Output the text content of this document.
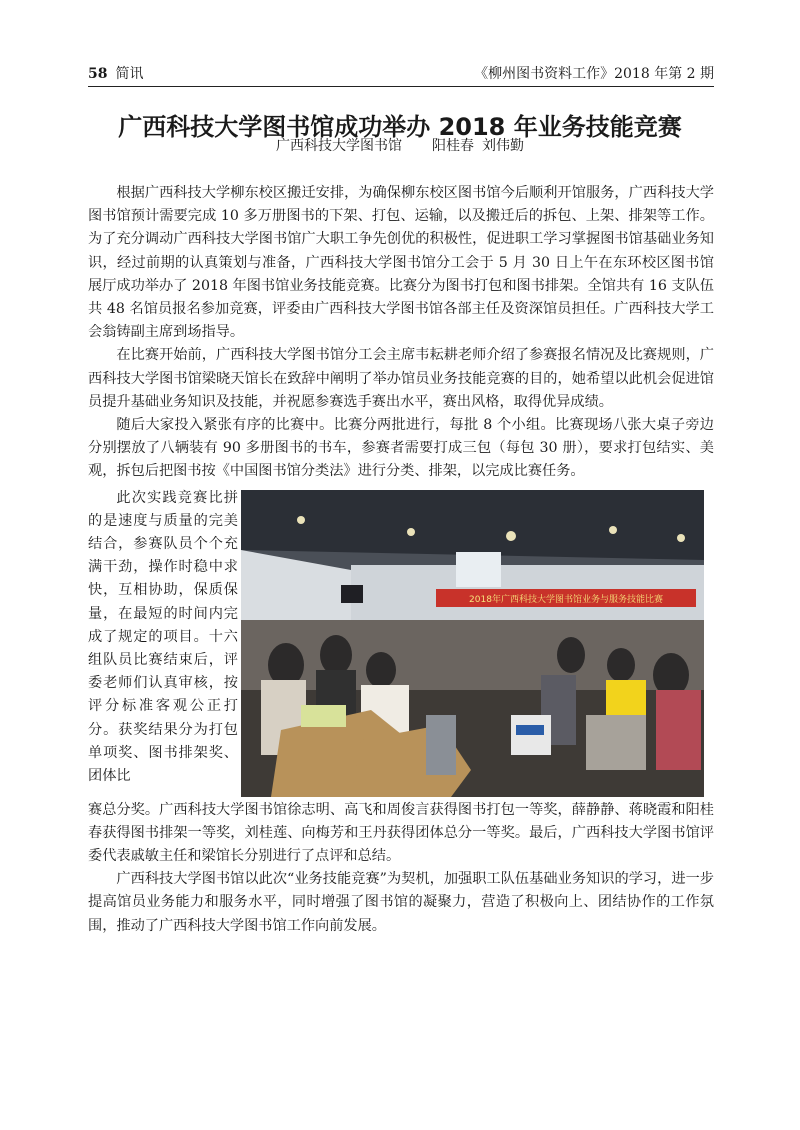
58 简讯	《柳州图书资料工作》2018 年第 2 期
广西科技大学图书馆成功举办 2018 年业务技能竞赛
广西科技大学图书馆 阳桂春 刘伟勤

根据广西科技大学柳东校区搬迁安排，为确保柳东校区图书馆今后顺利开馆服务，广西科技大学图书馆预计需要完成 10 多万册图书的下架、打包、运输，以及搬迁后的拆包、上架、排架等工作。为了充分调动广西科技大学图书馆广大职工争先创优的积极性，促进职工学习掌握图书馆基础业务知识，经过前期的认真策划与准备，广西科技大学图书馆分工会于 5 月 30 日上午在东环校区图书馆展厅成功举办了 2018 年图书馆业务技能竞赛。比赛分为图书打包和图书排架。全馆共有 16 支队伍共 48 名馆员报名参加竞赛，评委由广西科技大学图书馆各部主任及资深馆员担任。广西科技大学工会翁铸副主席到场指导。

在比赛开始前，广西科技大学图书馆分工会主席韦耘耕老师介绍了参赛报名情况及比赛规则，广西科技大学图书馆梁晓天馆长在致辞中阐明了举办馆员业务技能竞赛的目的，她希望以此机会促进馆员提升基础业务知识及技能，并祝愿参赛选手赛出水平，赛出风格，取得优异成绩。

随后大家投入紧张有序的比赛中。比赛分两批进行，每批 8 个小组。比赛现场八张大桌子旁边分别摆放了八辆装有 90 多册图书的书车，参赛者需要打成三包（每包 30 册），要求打包结实、美观，拆包后把图书按《中国图书馆分类法》进行分类、排架，以完成比赛任务。

此次实践竞赛比拼的是速度与质量的完美结合，参赛队员个个充满干劲，操作时稳中求快，互相协助，保质保量，在最短的时间内完成了规定的项目。十六组队员比赛结束后，评委老师们认真审核，按评分标准客观公正打分。获奖结果分为打包单项奖、图书排架奖、团体比
2018年广西科技大学图书馆业务与服务技能比赛

赛总分奖。广西科技大学图书馆徐志明、高飞和周俊言获得图书打包一等奖，薛静静、蒋晓霞和阳桂春获得图书排架一等奖，刘桂莲、向梅芳和王丹获得团体总分一等奖。最后，广西科技大学图书馆评委代表戚敏主任和梁馆长分别进行了点评和总结。

广西科技大学图书馆以此次“业务技能竞赛”为契机，加强职工队伍基础业务知识的学习，进一步提高馆员业务能力和服务水平，同时增强了图书馆的凝聚力，营造了积极向上、团结协作的工作氛围，推动了广西科技大学图书馆工作向前发展。
